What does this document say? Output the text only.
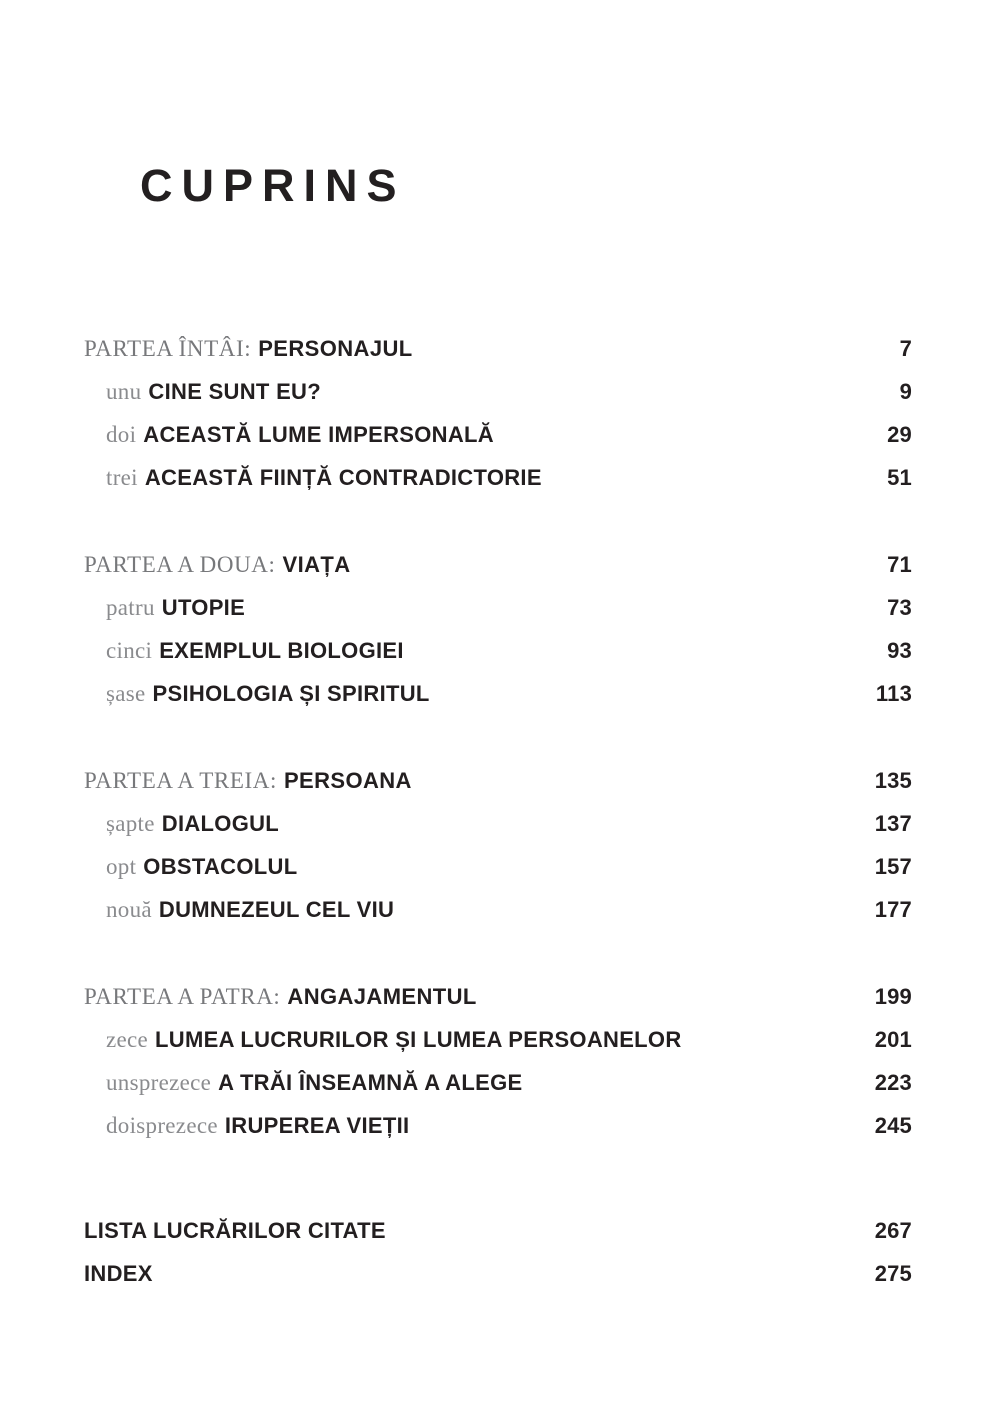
CUPRINS
PARTEA ÎNTÂI: PERSONAJUL	7
unu CINE SUNT EU?	9
doi ACEASTĂ LUME IMPERSONALĂ	29
trei ACEASTĂ FIINȚĂ CONTRADICTORIE	51
PARTEA A DOUA: VIAȚA	71
patru UTOPIE	73
cinci EXEMPLUL BIOLOGIEI	93
șase PSIHOLOGIA ȘI SPIRITUL	113
PARTEA A TREIA: PERSOANA	135
șapte DIALOGUL	137
opt OBSTACOLUL	157
nouă DUMNEZEUL CEL VIU	177
PARTEA A PATRA: ANGAJAMENTUL	199
zece LUMEA LUCRURILOR ȘI LUMEA PERSOANELOR	201
unsprezece A TRĂI ÎNSEAMNĂ A ALEGE	223
doisprezece IRUPEREA VIEȚII	245
LISTA LUCRĂRILOR CITATE	267
INDEX	275
